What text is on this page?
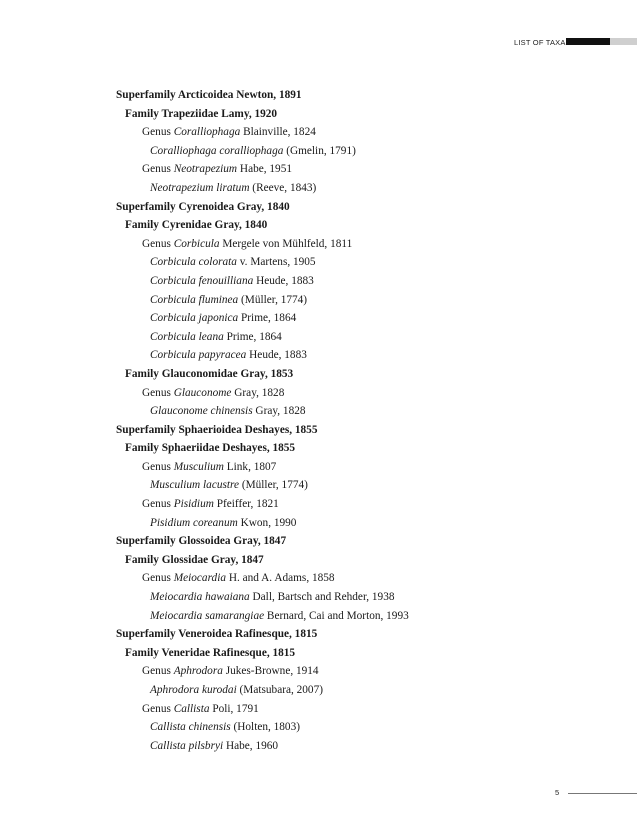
LIST OF TAXA
Superfamily Arcticoidea Newton, 1891
Family Trapeziidae Lamy, 1920
Genus Coralliophaga Blainville, 1824
Coralliophaga coralliophaga (Gmelin, 1791)
Genus Neotrapezium Habe, 1951
Neotrapezium liratum (Reeve, 1843)
Superfamily Cyrenoidea Gray, 1840
Family Cyrenidae Gray, 1840
Genus Corbicula Mergele von Mühlfeld, 1811
Corbicula colorata v. Martens, 1905
Corbicula fenouilliana Heude, 1883
Corbicula fluminea (Müller, 1774)
Corbicula japonica Prime, 1864
Corbicula leana Prime, 1864
Corbicula papyracea Heude, 1883
Family Glauconomidae Gray, 1853
Genus Glauconome Gray, 1828
Glauconome chinensis Gray, 1828
Superfamily Sphaerioidea Deshayes, 1855
Family Sphaeriidae Deshayes, 1855
Genus Musculium Link, 1807
Musculium lacustre (Müller, 1774)
Genus Pisidium Pfeiffer, 1821
Pisidium coreanum Kwon, 1990
Superfamily Glossoidea Gray, 1847
Family Glossidae Gray, 1847
Genus Meiocardia H. and A. Adams, 1858
Meiocardia hawaiana Dall, Bartsch and Rehder, 1938
Meiocardia samarangiae Bernard, Cai and Morton, 1993
Superfamily Veneroidea Rafinesque, 1815
Family Veneridae Rafinesque, 1815
Genus Aphrodora Jukes-Browne, 1914
Aphrodora kurodai (Matsubara, 2007)
Genus Callista Poli, 1791
Callista chinensis (Holten, 1803)
Callista pilsbryi Habe, 1960
5
